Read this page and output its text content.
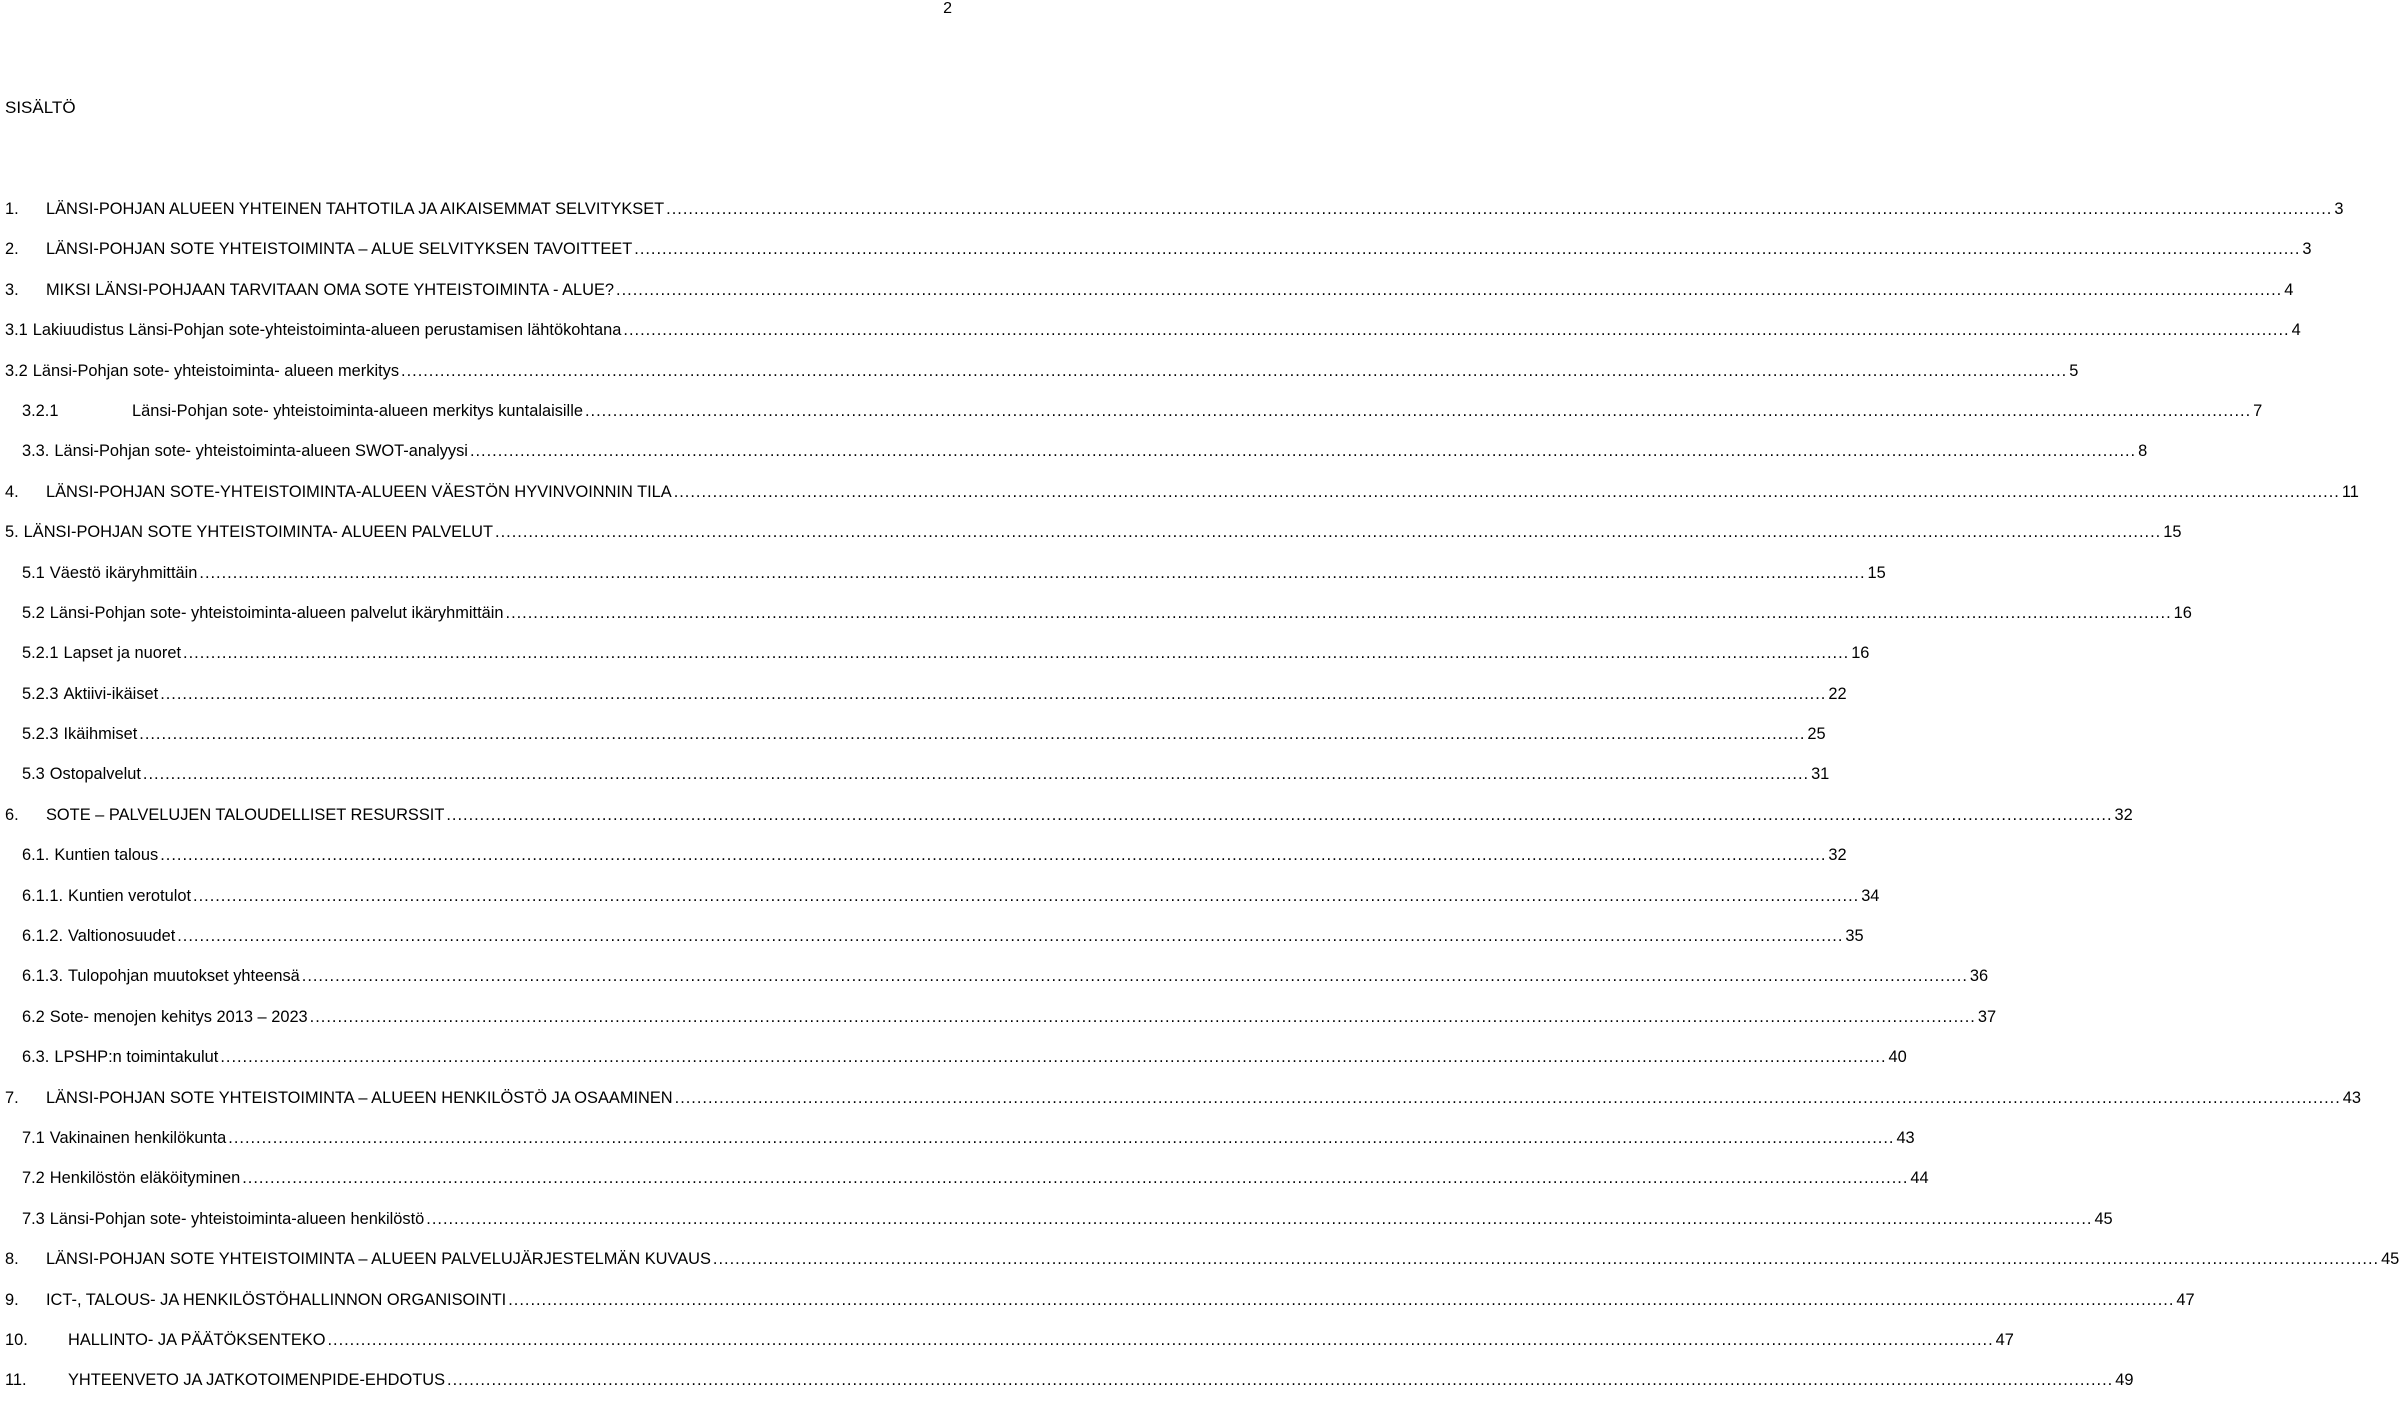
2
SISÄLTÖ
1.	LÄNSI-POHJAN ALUEEN YHTEINEN TAHTOTILA JA AIKAISEMMAT SELVITYKSET ............................................................................................................................................................................................................................................................................................................ 3
2.	LÄNSI-POHJAN SOTE YHTEISTOIMINTA – ALUE SELVITYKSEN TAVOITTEET ............................................................................................................................................................................................................................................................................................................ 3
3.	MIKSI LÄNSI-POHJAAN TARVITAAN OMA SOTE YHTEISTOIMINTA - ALUE? ............................................................................................................................................................................................................................................................................................................ 4
3.1 Lakiuudistus Länsi-Pohjan sote-yhteistoiminta-alueen perustamisen lähtökohtana ............................................................................................................................................................................................................................................................................................................ 4
3.2 Länsi-Pohjan sote- yhteistoiminta- alueen merkitys ............................................................................................................................................................................................................................................................................................................ 5
3.2.1	Länsi-Pohjan sote- yhteistoiminta-alueen merkitys kuntalaisille ............................................................................................................................................................................................................................................................................................................ 7
3.3. Länsi-Pohjan sote- yhteistoiminta-alueen SWOT-analyysi ............................................................................................................................................................................................................................................................................................................ 8
4.	LÄNSI-POHJAN SOTE-YHTEISTOIMINTA-ALUEEN VÄESTÖN HYVINVOINNIN TILA ............................................................................................................................................................................................................................................................................................................ 11
5. LÄNSI-POHJAN SOTE YHTEISTOIMINTA- ALUEEN PALVELUT ............................................................................................................................................................................................................................................................................................................ 15
5.1 Väestö ikäryhmittäin ............................................................................................................................................................................................................................................................................................................ 15
5.2 Länsi-Pohjan sote- yhteistoiminta-alueen palvelut ikäryhmittäin ............................................................................................................................................................................................................................................................................................................ 16
5.2.1 Lapset ja nuoret ............................................................................................................................................................................................................................................................................................................ 16
5.2.3 Aktiivi-ikäiset ............................................................................................................................................................................................................................................................................................................ 22
5.2.3 Ikäihmiset ............................................................................................................................................................................................................................................................................................................ 25
5.3 Ostopalvelut ............................................................................................................................................................................................................................................................................................................ 31
6.	SOTE – PALVELUJEN TALOUDELLISET RESURSSIT ............................................................................................................................................................................................................................................................................................................ 32
6.1. Kuntien talous ............................................................................................................................................................................................................................................................................................................ 32
6.1.1. Kuntien verotulot ............................................................................................................................................................................................................................................................................................................ 34
6.1.2. Valtionosuudet ............................................................................................................................................................................................................................................................................................................ 35
6.1.3. Tulopohjan muutokset yhteensä ............................................................................................................................................................................................................................................................................................................ 36
6.2 Sote- menojen kehitys 2013 – 2023 ............................................................................................................................................................................................................................................................................................................ 37
6.3. LPSHP:n toimintakulut ............................................................................................................................................................................................................................................................................................................ 40
7.	LÄNSI-POHJAN SOTE YHTEISTOIMINTA – ALUEEN HENKILÖSTÖ JA OSAAMINEN ............................................................................................................................................................................................................................................................................................................ 43
7.1 Vakinainen henkilökunta ............................................................................................................................................................................................................................................................................................................ 43
7.2 Henkilöstön eläköityminen ............................................................................................................................................................................................................................................................................................................ 44
7.3 Länsi-Pohjan sote- yhteistoiminta-alueen henkilöstö ............................................................................................................................................................................................................................................................................................................ 45
8.	LÄNSI-POHJAN SOTE YHTEISTOIMINTA – ALUEEN PALVELUJÄRJESTELMÄN KUVAUS ............................................................................................................................................................................................................................................................................................................ 45
9.	ICT-, TALOUS- JA HENKILÖSTÖHALLINNON ORGANISOINTI ............................................................................................................................................................................................................................................................................................................ 47
10.	HALLINTO- JA PÄÄTÖKSENTEKO ............................................................................................................................................................................................................................................................................................................ 47
11.	YHTEENVETO JA JATKOTOIMENPIDE-EHDOTUS ............................................................................................................................................................................................................................................................................................................ 49
